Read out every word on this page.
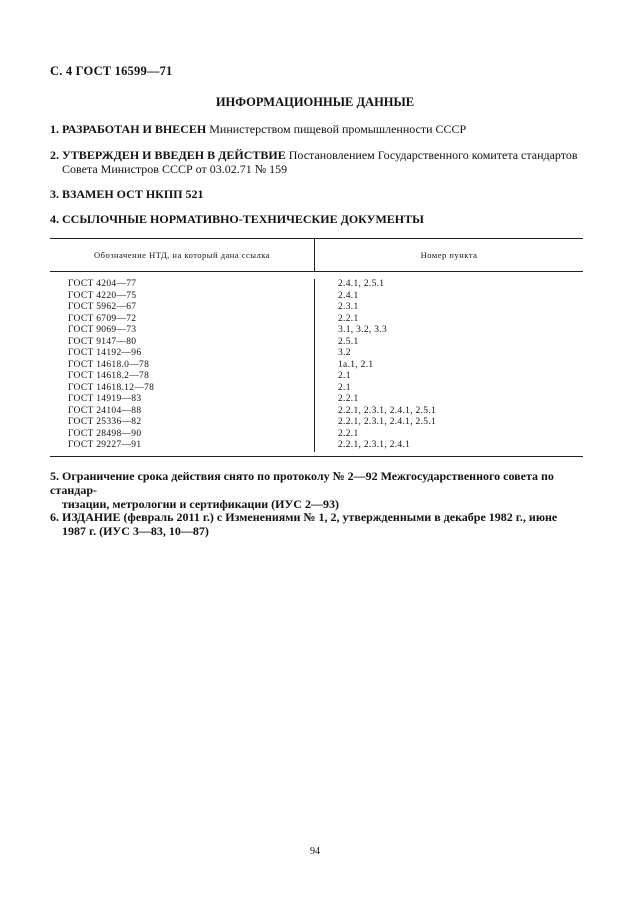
С. 4 ГОСТ 16599—71
ИНФОРМАЦИОННЫЕ ДАННЫЕ
1. РАЗРАБОТАН И ВНЕСЕН Министерством пищевой промышленности СССР
2. УТВЕРЖДЕН И ВВЕДЕН В ДЕЙСТВИЕ Постановлением Государственного комитета стандартов
Совета Министров СССР от 03.02.71 № 159
3. ВЗАМЕН ОСТ НКПП 521
4. ССЫЛОЧНЫЕ НОРМАТИВНО-ТЕХНИЧЕСКИЕ ДОКУМЕНТЫ
Обозначение НТД, на который дана ссылка	Номер пункта
ГОСТ 4204—77
ГОСТ 4220—75
ГОСТ 5962—67
ГОСТ 6709—72
ГОСТ 9069—73
ГОСТ 9147—80
ГОСТ 14192—96
ГОСТ 14618.0—78
ГОСТ 14618.2—78
ГОСТ 14618.12—78
ГОСТ 14919—83
ГОСТ 24104—88
ГОСТ 25336—82
ГОСТ 28498—90
ГОСТ 29227—91
2.4.1, 2.5.1
2.4.1
2.3.1
2.2.1
3.1, 3.2, 3.3
2.5.1
3.2
1а.1, 2.1
2.1
2.1
2.2.1
2.2.1, 2.3.1, 2.4.1, 2.5.1
2.2.1, 2.3.1, 2.4.1, 2.5.1
2.2.1
2.2.1, 2.3.1, 2.4.1
5. Ограничение срока действия снято по протоколу № 2—92 Межгосударственного совета по стандар-
тизации, метрологии и сертификации (ИУС 2—93)
6. ИЗДАНИЕ (февраль 2011 г.) с Изменениями № 1, 2, утвержденными в декабре 1982 г., июне
1987 г. (ИУС 3—83, 10—87)
94
